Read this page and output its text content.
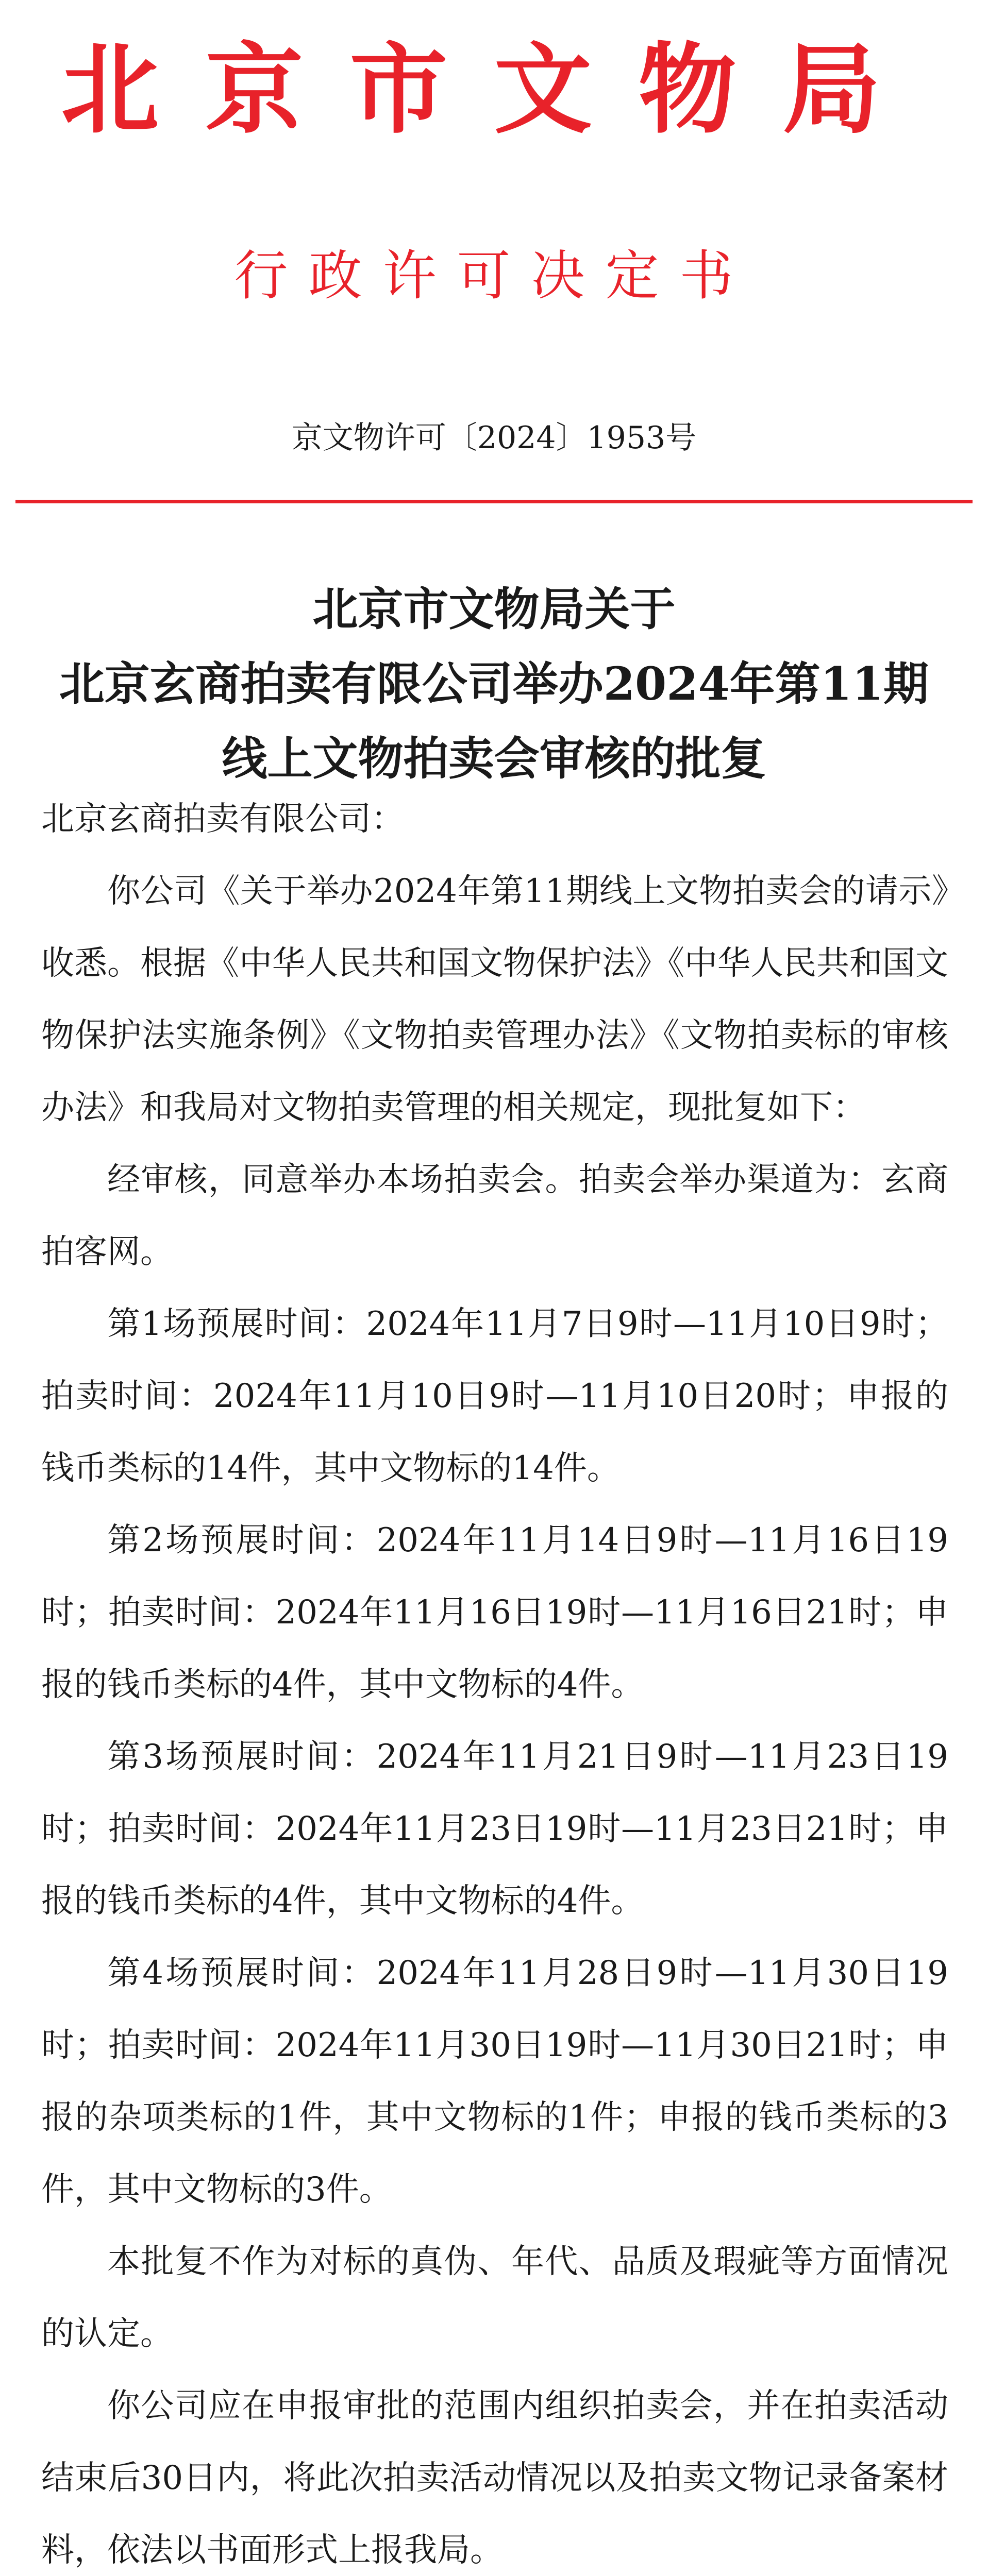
北京市文物局
行政许可决定书
京文物许可〔2024〕1953号
北京市文物局关于
北京玄商拍卖有限公司举办2024年第11期
线上文物拍卖会审核的批复
北京玄商拍卖有限公司：

你公司《关于举办2024年第11期线上文物拍卖会的请示》收悉。根据《中华人民共和国文物保护法》《中华人民共和国文物保护法实施条例》《文物拍卖管理办法》《文物拍卖标的审核办法》和我局对文物拍卖管理的相关规定，现批复如下：

经审核，同意举办本场拍卖会。拍卖会举办渠道为：玄商拍客网。

第1场预展时间：2024年11月7日9时—11月10日9时；拍卖时间：2024年11月10日9时—11月10日20时；申报的钱币类标的14件，其中文物标的14件。

第2场预展时间：2024年11月14日9时—11月16日19时；拍卖时间：2024年11月16日19时—11月16日21时；申报的钱币类标的4件，其中文物标的4件。

第3场预展时间：2024年11月21日9时—11月23日19时；拍卖时间：2024年11月23日19时—11月23日21时；申报的钱币类标的4件，其中文物标的4件。

第4场预展时间：2024年11月28日9时—11月30日19时；拍卖时间：2024年11月30日19时—11月30日21时；申报的杂项类标的1件，其中文物标的1件；申报的钱币类标的3件，其中文物标的3件。

本批复不作为对标的真伪、年代、品质及瑕疵等方面情况的认定。

你公司应在申报审批的范围内组织拍卖会，并在拍卖活动结束后30日内，将此次拍卖活动情况以及拍卖文物记录备案材料，依法以书面形式上报我局。
